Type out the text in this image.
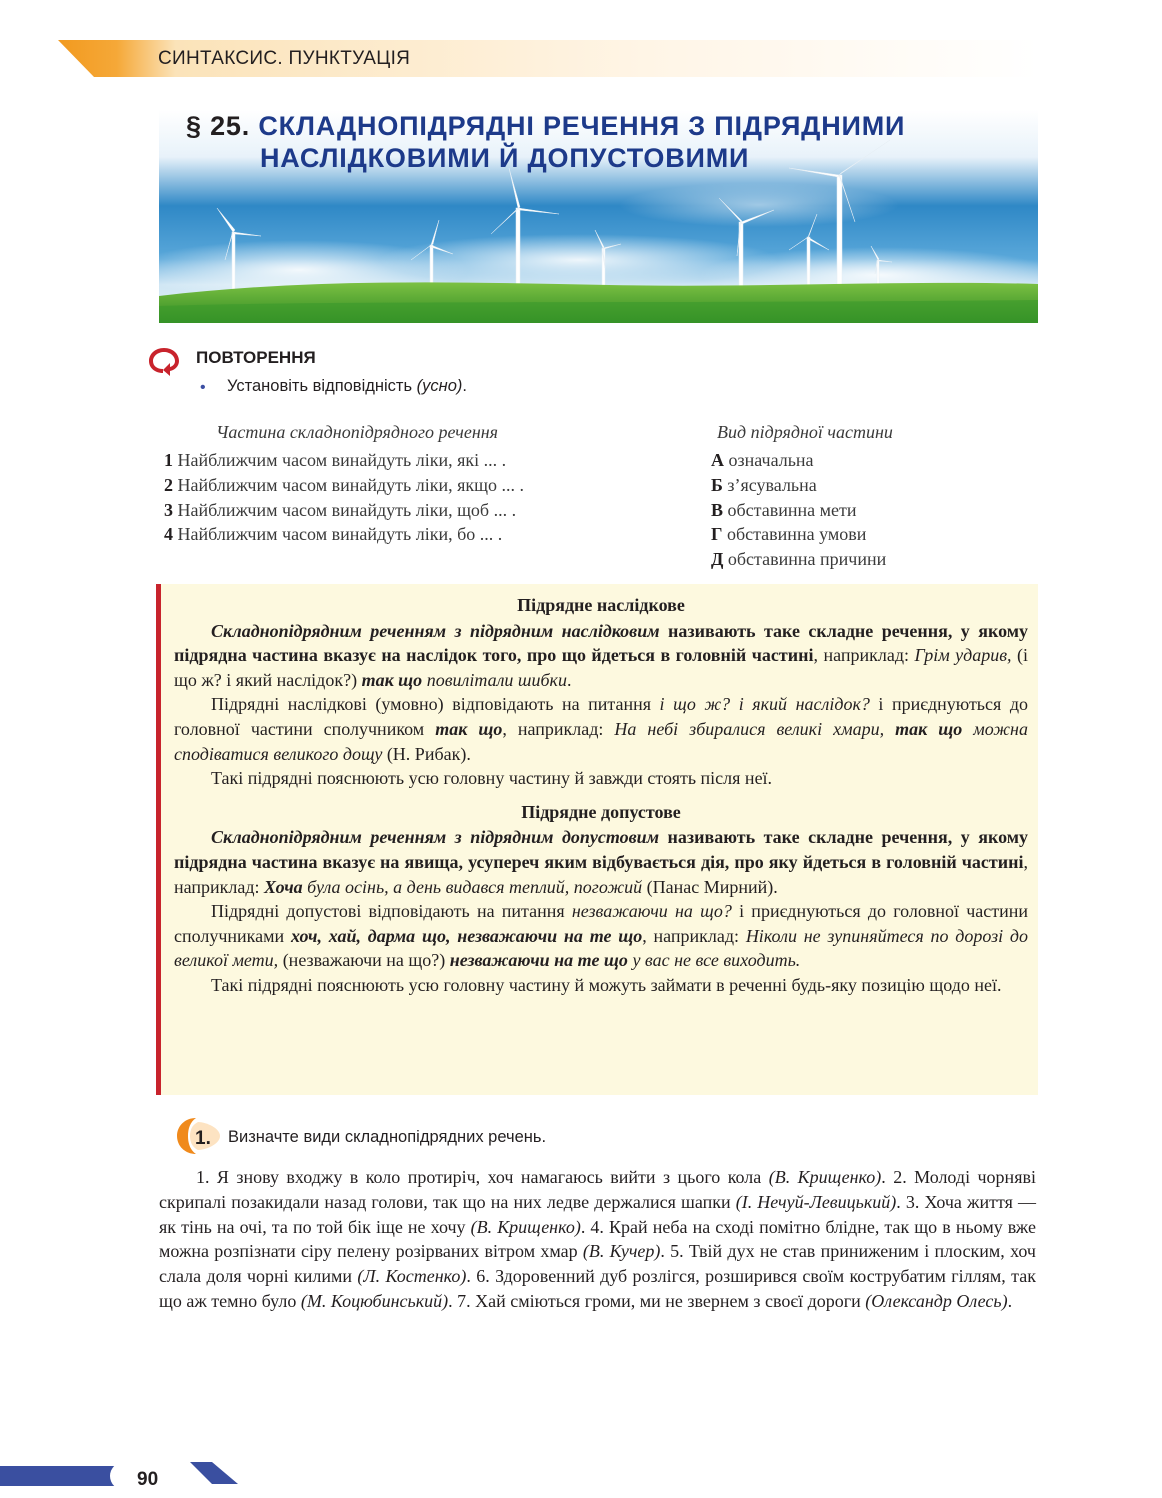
СИНТАКСИС. ПУНКТУАЦІЯ
§ 25. СКЛАДНОПІДРЯДНІ РЕЧЕННЯ З ПІДРЯДНИМИ
НАСЛІДКОВИМИ Й ДОПУСТОВИМИ
ПОВТОРЕННЯ
• Установіть відповідність (усно).
Частина складнопідрядного речення	Вид підрядної частини
1 Найближчим часом винайдуть ліки, які ... .
2 Найближчим часом винайдуть ліки, якщо ... .
3 Найближчим часом винайдуть ліки, щоб ... .
4 Найближчим часом винайдуть ліки, бо ... .
А означальна
Б з’ясувальна
В обставинна мети
Г обставинна умови
Д обставинна причини
Підрядне наслідкове

Складнопідрядним реченням з підрядним наслідковим називають таке складне речення, у якому підрядна частина вказує на наслідок того, про що йдеться в головній частині, наприклад: Грім ударив, (і що ж? і який наслідок?) так що повилітали шибки.

Підрядні наслідкові (умовно) відповідають на питання і що ж? і який наслідок? і приєднуються до головної частини сполучником так що, наприклад: На небі збиралися великі хмари, так що можна сподіватися великого дощу (Н. Рибак).

Такі підрядні пояснюють усю головну частину й завжди стоять після неї.

Підрядне допустове

Складнопідрядним реченням з підрядним допустовим називають таке складне речення, у якому підрядна частина вказує на явища, усупереч яким відбувається дія, про яку йдеться в головній частині, наприклад: Хоча була осінь, а день видався теплий, погожий (Панас Мирний).

Підрядні допустові відповідають на питання незважаючи на що? і приєднуються до головної частини сполучниками хоч, хай, дарма що, незважаючи на те що, наприклад: Ніколи не зупиняйтеся по дорозі до великої мети, (незважаючи на що?) незважаючи на те що у вас не все виходить.

Такі підрядні пояснюють усю головну частину й можуть займати в реченні будь-яку позицію щодо неї.

1. Визначте види складнопідрядних речень.

1. Я знову входжу в коло протиріч, хоч намагаюсь вийти з цього кола (В. Крищенко). 2. Молоді чорняві скрипалі позакидали назад голови, так що на них ледве держалися шапки (І. Нечуй-Левицький). 3. Хоча життя — як тінь на очі, та по той бік іще не хочу (В. Крищенко). 4. Край неба на сході помітно блідне, так що в ньому вже можна розпізнати сіру пелену розірваних вітром хмар (В. Кучер). 5. Твій дух не став приниженим і плоским, хоч слала доля чорні килими (Л. Костенко). 6. Здоровенний дуб розлігся, розширився своїм кострубатим гіллям, так що аж темно було (М. Коцюбинський). 7. Хай сміються громи, ми не звернем з своєї дороги (Олександр Олесь).

90
